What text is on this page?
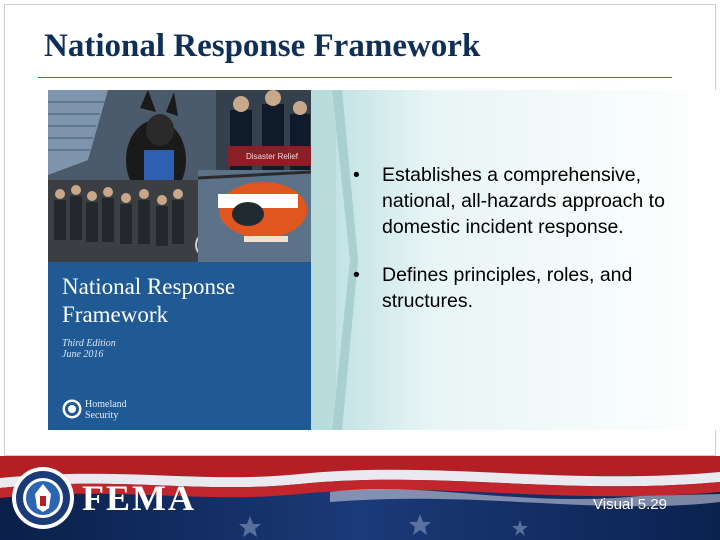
National Response Framework
Disaster Relief
National Response Framework
Third Edition
June 2016
Homeland
Security
• Establishes a comprehensive, national, all-hazards approach to domestic incident response.
• Defines principles, roles, and structures.
FEMA	Visual 5.29
